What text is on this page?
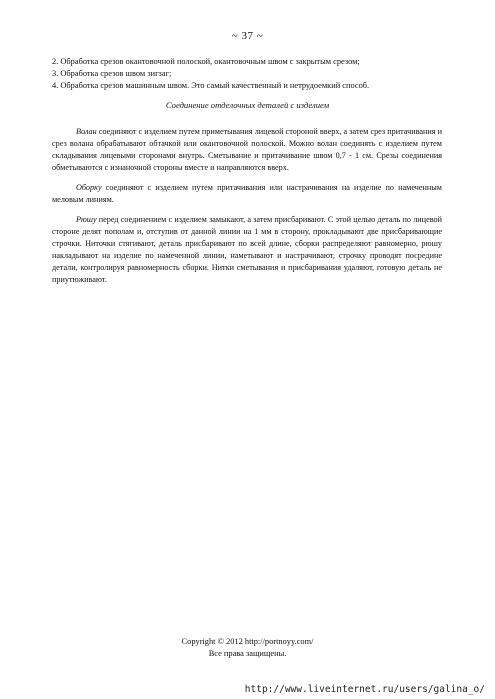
~ 37 ~
2. Обработка срезов окантовочной полоской, окантовочным швом с закрытым срезом;
3. Обработка срезов швом зигзаг;
4. Обработка срезов машинным швом. Это самый качественный и нетрудоемкий способ.
Соединение отделочных деталей с изделием
Волан соединяют с изделием путем приметывания лицевой стороной вверх, а затем срез притачивания и срез волана обрабатывают обтачкой или окантовочной полоской. Можно волан соединять с изделием путем складывания лицевыми сторонами внутрь. Сметывание и притачивание швом 0,7 - 1 см. Срезы соединения обметываются с изнаночной стороны вместе и направляются вверх.
Оборку соединяют с изделием путем притачивания или настрачивания на изделие по намеченным меловым линиям.
Рюшу перед соединением с изделием замыкают, а затем присбаривают. С этой целью деталь по лицевой стороне делят пополам и, отступив от данной линии на 1 мм в сторону, прокладывают две присбаривающие строчки. Ниточки стягивают, деталь присбаривают по всей длине, сборки распределяют равномерно, рюшу накладывают на изделие по намеченной линии, наметывают и настрачивают, строчку проводят посредине детали, контролируя равномерность сборки. Нитки сметывания и присбаривания удаляют, готовую деталь не приутюживают.
Copyright © 2012 http://portnoyy.com/
Все права защищены.
http://www.liveinternet.ru/users/galina_o/
